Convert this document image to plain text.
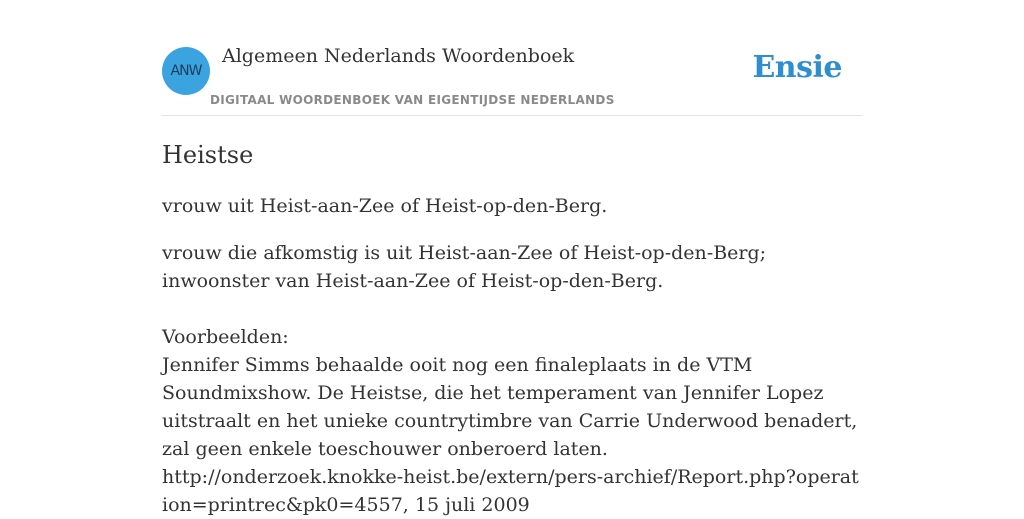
ANW
Algemeen Nederlands Woordenboek
DIGITAAL WOORDENBOEK VAN EIGENTIJDSE NEDERLANDS
Ensie
Heistse

vrouw uit Heist-aan-Zee of Heist-op-den-Berg.

vrouw die afkomstig is uit Heist-aan-Zee of Heist-op-den-Berg; inwoonster van Heist-aan-Zee of Heist-op-den-Berg.

Voorbeelden:

Jennifer Simms behaalde ooit nog een finaleplaats in de VTM Soundmixshow. De Heistse, die het temperament van Jennifer Lopez uitstraalt en het unieke countrytimbre van Carrie Underwood benadert, zal geen enkele toeschouwer onberoerd laten.

http://onderzoek.knokke-heist.be/extern/pers-archief/Report.php?operation=printrec&pk0=4557, 15 juli 2009
